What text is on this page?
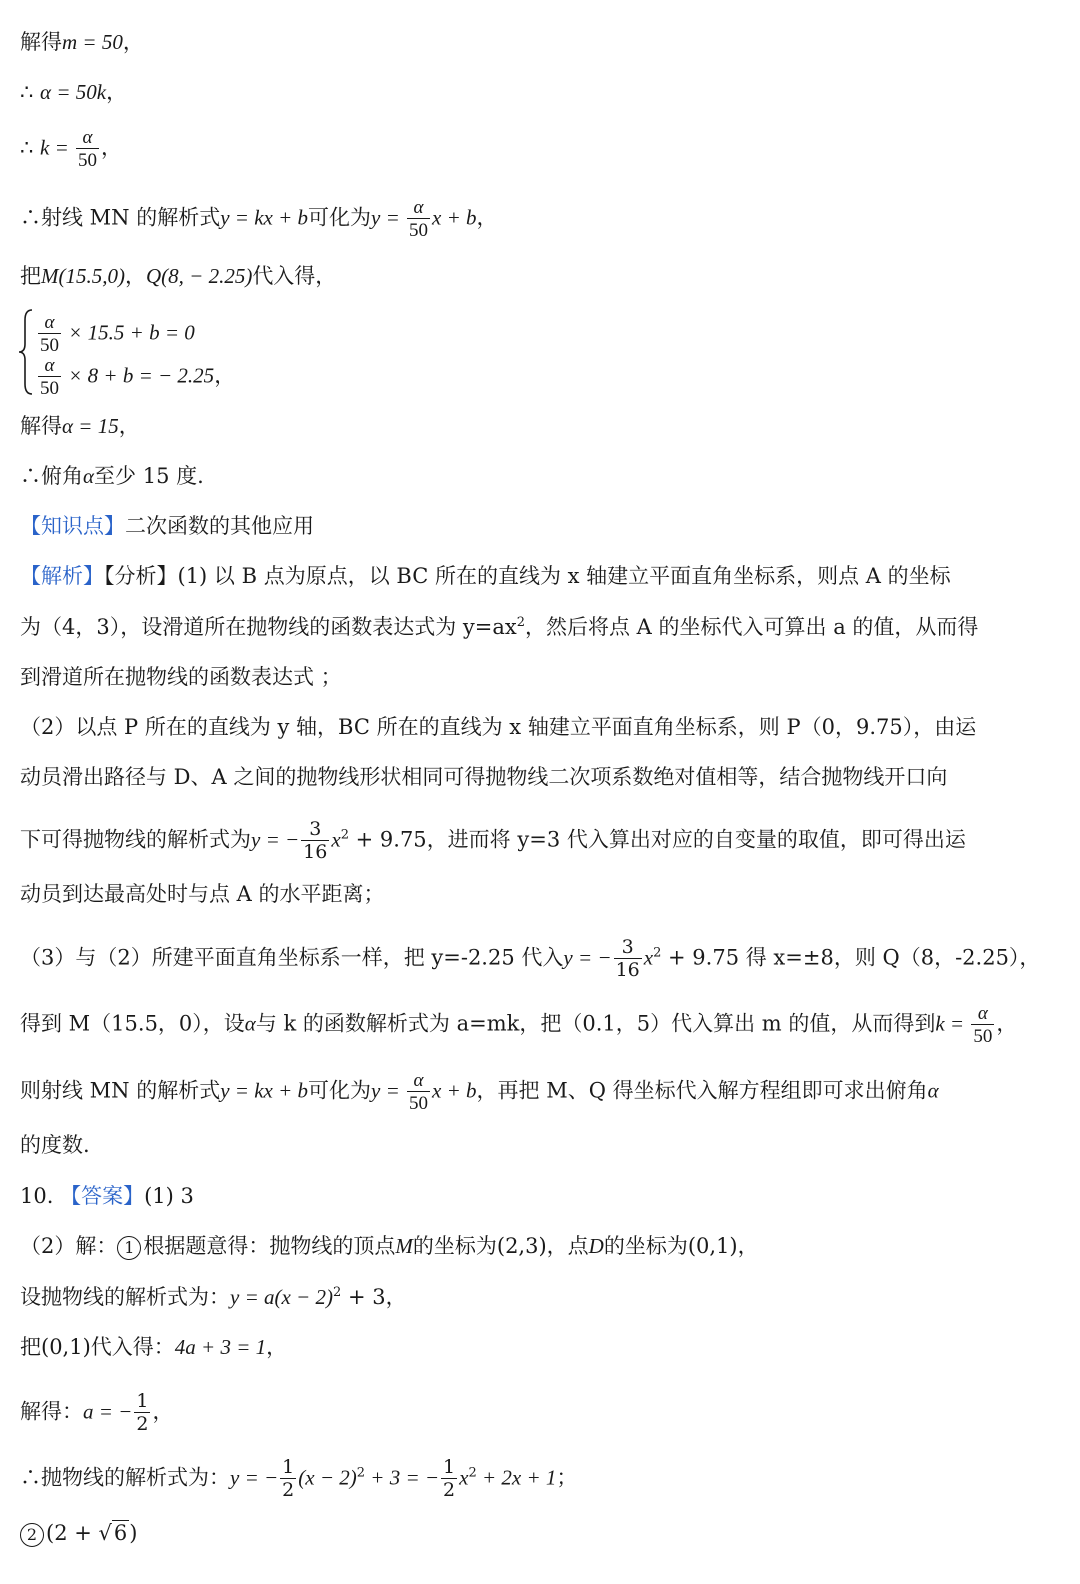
解得m = 50，
∴ α = 50k，
∴ $k = \frac{\alpha}{50}$ ，
∴射线 MN 的解析式y = kx + b可化为$y = \frac{\alpha}{50}$ x + b，
把M(15.5,0)，Q(8, − 2.25)代入得，
$\frac{\alpha}{50} \times 15.5 + b = 0$
$\frac{\alpha}{50} \times 8 + b$ = − 2.25，
解得α = 15，
∴俯角α至少 15 度.
【知识点】二次函数的其他应用
【解析】【分析】(1) 以 B 点为原点，以 BC 所在的直线为 x 轴建立平面直角坐标系，则点 A 的坐标
为（4，3），设滑道所在抛物线的函数表达式为 $y=ax^2$，然后将点 A 的坐标代入可算出 a 的值，从而得
到滑道所在抛物线的函数表达式 ；
（2）以点 P 所在的直线为 y 轴，BC 所在的直线为 x 轴建立平面直角坐标系，则 P（0，9.75），由运
动员滑出路径与 D、A 之间的抛物线形状相同可得抛物线二次项系数绝对值相等，结合抛物线开口向
下可得抛物线的解析式为y = − $\frac{3}{16} x^2 + 9.75$，进而将 y=3 代入算出对应的自变量的取值，即可得出运
动员到达最高处时与点 A 的水平距离；
（3）与（2）所建平面直角坐标系一样，把 y=-2.25 代入y = − $\frac{3}{16} x^2 + 9.75$ 得 x=±8，则 Q（8，-2.25），
得到 M（15.5，0），设α与 k 的函数解析式为 a=mk，把（0.1，5）代入算出 m 的值，从而得到$k = \frac{\alpha}{50}$ ，
则射线 MN 的解析式y = kx + b可化为$y = \frac{\alpha}{50}$ x + b，再把 M、Q 得坐标代入解方程组即可求出俯角α
的度数.
10. 【答案】(1) 3
（2）解： 1 根据题意得：抛物线的顶点M的坐标为(2,3)，点D的坐标为(0,1)，
设抛物线的解析式为：$y = a(x - 2)^2 + 3$，
把(0,1)代入得：4a + 3 = 1，
解得：a = − $\frac{1}{2}$ ，
∴抛物线的解析式为：y = − $\frac{1}{2} (x - 2)^2 + 3$ = − $\frac{1}{2} x^2 + 2x + 1$；
2 (2 + √6)
